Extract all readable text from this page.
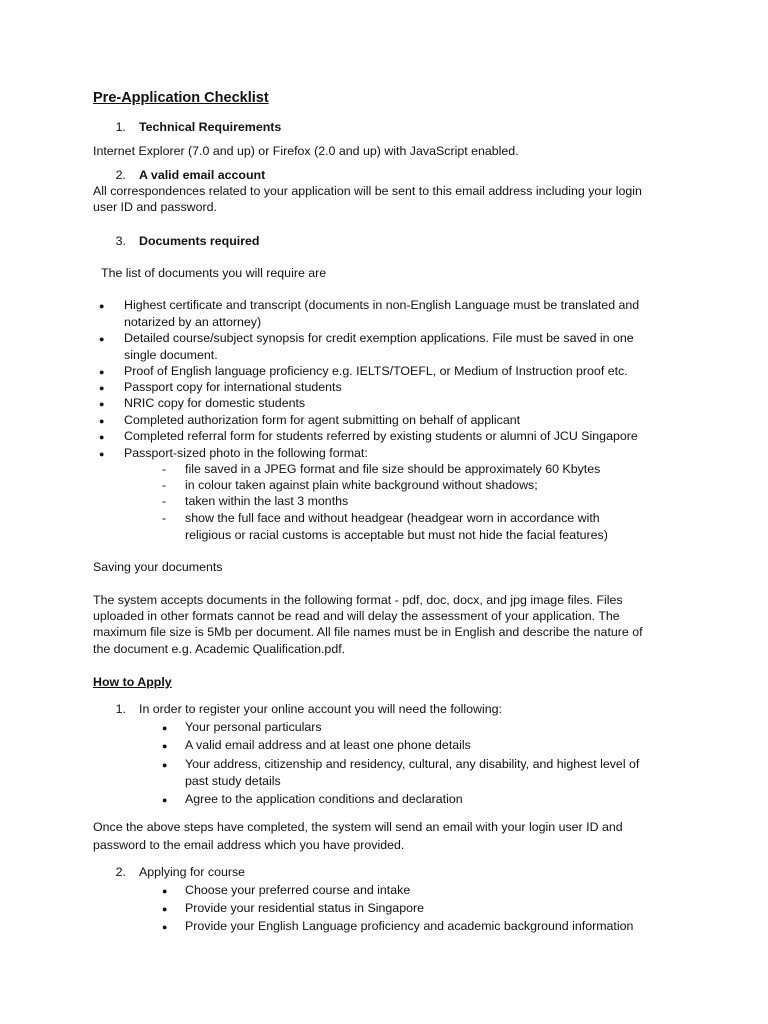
Pre-Application Checklist
1. Technical Requirements
Internet Explorer (7.0 and up) or Firefox (2.0 and up) with JavaScript enabled.
2. A valid email account
All correspondences related to your application will be sent to this email address including your login
user ID and password.
3. Documents required
The list of documents you will require are
● Highest certificate and transcript (documents in non-English Language must be translated and
notarized by an attorney)
● Detailed course/subject synopsis for credit exemption applications. File must be saved in one
single document.
● Proof of English language proficiency e.g. IELTS/TOEFL, or Medium of Instruction proof etc.
● Passport copy for international students
● NRIC copy for domestic students
● Completed authorization form for agent submitting on behalf of applicant
● Completed referral form for students referred by existing students or alumni of JCU Singapore
● Passport-sized photo in the following format:
- file saved in a JPEG format and file size should be approximately 60 Kbytes
- in colour taken against plain white background without shadows;
- taken within the last 3 months
- show the full face and without headgear (headgear worn in accordance with
religious or racial customs is acceptable but must not hide the facial features)
Saving your documents
The system accepts documents in the following format - pdf, doc, docx, and jpg image files. Files
uploaded in other formats cannot be read and will delay the assessment of your application. The
maximum file size is 5Mb per document. All file names must be in English and describe the nature of
the document e.g. Academic Qualification.pdf.
How to Apply
1. In order to register your online account you will need the following:
● Your personal particulars
● A valid email address and at least one phone details
● Your address, citizenship and residency, cultural, any disability, and highest level of
past study details
● Agree to the application conditions and declaration
Once the above steps have completed, the system will send an email with your login user ID and
password to the email address which you have provided.
2. Applying for course
● Choose your preferred course and intake
● Provide your residential status in Singapore
● Provide your English Language proficiency and academic background information
